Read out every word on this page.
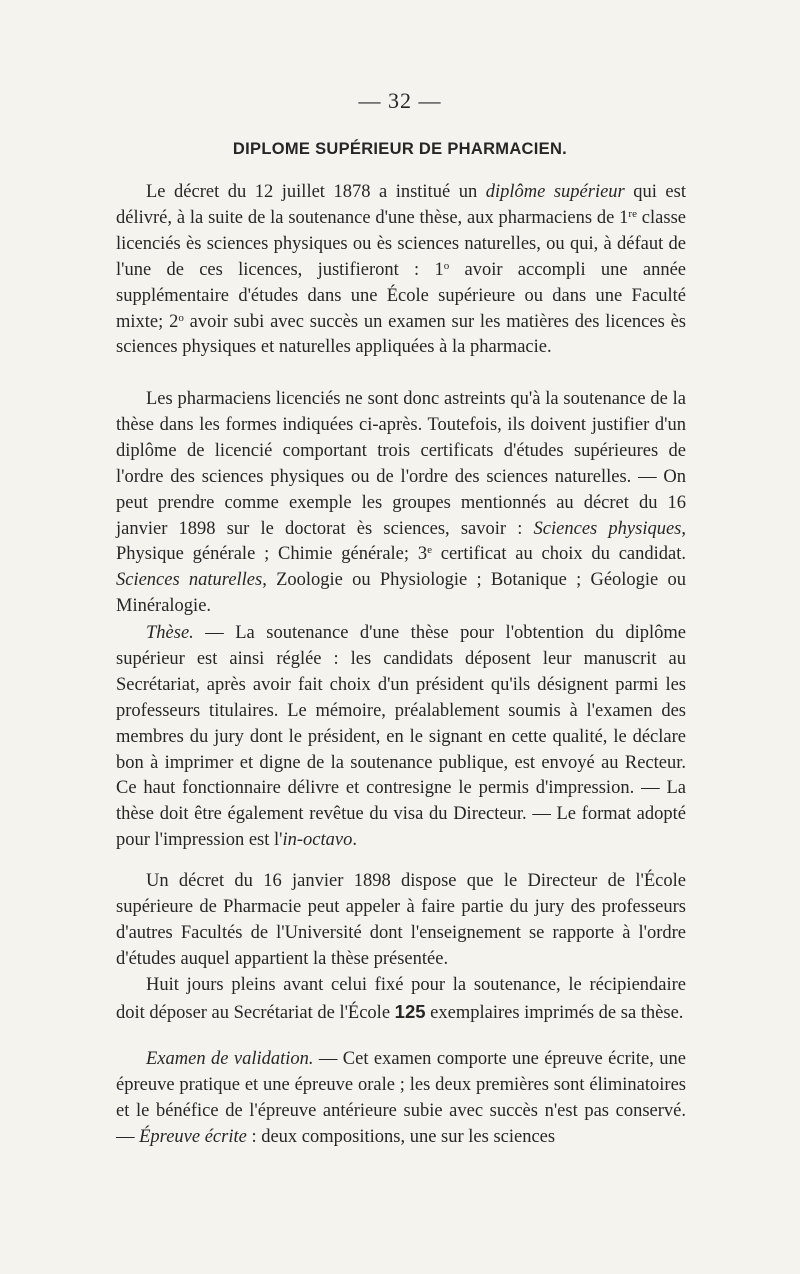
— 32 —
DIPLOME SUPÉRIEUR DE PHARMACIEN.

Le décret du 12 juillet 1878 a institué un diplôme supérieur qui est délivré, à la suite de la soutenance d'une thèse, aux pharmaciens de 1re classe licenciés ès sciences physiques ou ès sciences naturelles, ou qui, à défaut de l'une de ces licences, justifieront : 1$^o$ avoir accompli une année supplémentaire d'études dans une École supérieure ou dans une Faculté mixte; 2$^o$ avoir subi avec succès un examen sur les matières des licences ès sciences physiques et naturelles appliquées à la pharmacie.

Les pharmaciens licenciés ne sont donc astreints qu'à la soutenance de la thèse dans les formes indiquées ci-après. Toutefois, ils doivent justifier d'un diplôme de licencié comportant trois certificats d'études supérieures de l'ordre des sciences physiques ou de l'ordre des sciences naturelles. — On peut prendre comme exemple les groupes mentionnés au décret du 16 janvier 1898 sur le doctorat ès sciences, savoir : Sciences physiques, Physique générale ; Chimie générale; 3e certificat au choix du candidat. Sciences naturelles, Zoologie ou Physiologie ; Botanique ; Géologie ou Minéralogie.

Thèse. — La soutenance d'une thèse pour l'obtention du diplôme supérieur est ainsi réglée : les candidats déposent leur manuscrit au Secrétariat, après avoir fait choix d'un président qu'ils désignent parmi les professeurs titulaires. Le mémoire, préalablement soumis à l'examen des membres du jury dont le président, en le signant en cette qualité, le déclare bon à imprimer et digne de la soutenance publique, est envoyé au Recteur. Ce haut fonctionnaire délivre et contresigne le permis d'impression. — La thèse doit être également revêtue du visa du Directeur. — Le format adopté pour l'impression est l'in-octavo.

Un décret du 16 janvier 1898 dispose que le Directeur de l'École supérieure de Pharmacie peut appeler à faire partie du jury des professeurs d'autres Facultés de l'Université dont l'enseignement se rapporte à l'ordre d'études auquel appartient la thèse présentée.

Huit jours pleins avant celui fixé pour la soutenance, le récipiendaire doit déposer au Secrétariat de l'École 125 exemplaires imprimés de sa thèse.

Examen de validation. — Cet examen comporte une épreuve écrite, une épreuve pratique et une épreuve orale ; les deux premières sont éliminatoires et le bénéfice de l'épreuve antérieure subie avec succès n'est pas conservé. — Épreuve écrite : deux compositions, une sur les sciences
